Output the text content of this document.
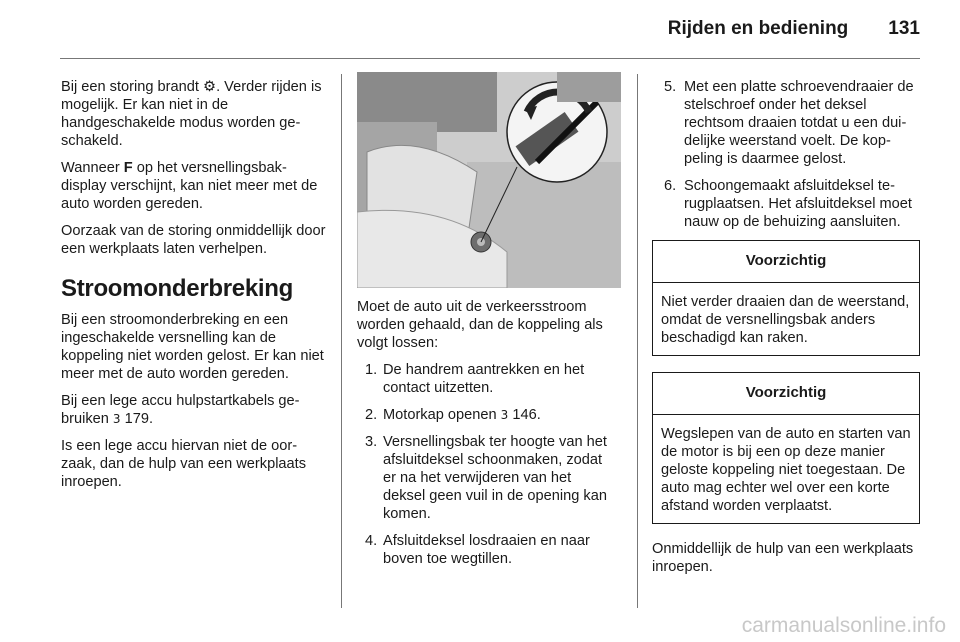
Rijden en bediening 131

Bij een storing brandt ⚙. Verder rijden is mogelijk. Er kan niet in de handgeschakelde modus worden geschakeld.

Wanneer F op het versnellingsbakdisplay verschijnt, kan niet meer met de auto worden gereden.

Oorzaak van de storing onmiddellijk door een werkplaats laten verhelpen.

Stroomonderbreking

Bij een stroomonderbreking en een ingeschakelde versnelling kan de koppeling niet worden gelost. Er kan niet meer met de auto worden gereden.

Bij een lege accu hulpstartkabels gebruiken 3 179.

Is een lege accu hiervan niet de oorzaak, dan de hulp van een werkplaats inroepen.

Moet de auto uit de verkeersstroom worden gehaald, dan de koppeling als volgt lossen:

1. De handrem aantrekken en het contact uitzetten.
2. Motorkap openen 3 146.
3. Versnellingsbak ter hoogte van het afsluitdeksel schoonmaken, zodat er na het verwijderen van het deksel geen vuil in de opening kan komen.
4. Afsluitdeksel losdraaien en naar boven toe wegtillen.
5. Met een platte schroevendraaier de stelschroef onder het deksel rechtsom draaien totdat u een duidelijke weerstand voelt. De koppeling is daarmee gelost.
6. Schoongemaakt afsluitdeksel terugplaatsen. Het afsluitdeksel moet nauw op de behuizing aansluiten.
Voorzichtig
Niet verder draaien dan de weerstand, omdat de versnellingsbak anders beschadigd kan raken.
Voorzichtig
Wegslepen van de auto en starten van de motor is bij een op deze manier geloste koppeling niet toegestaan. De auto mag echter wel over een korte afstand worden verplaatst.

Onmiddellijk de hulp van een werkplaats inroepen.

carmanualsonline.info
